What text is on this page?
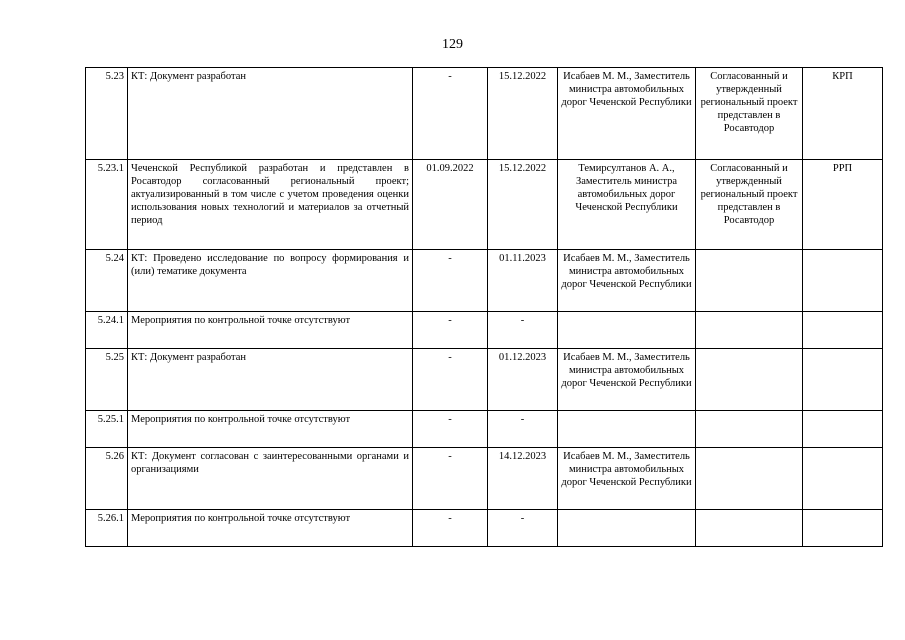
129
5.23	КТ: Документ разработан	-	15.12.2022	Исабаев М. М., Заместитель министра автомобильных дорог Чеченской Республики	Согласованный и утвержденный региональный проект представлен в Росавтодор	КРП
5.23.1	Чеченской Республикой разработан и представлен в Росавтодор согласованный региональный проект; актуализированный в том числе с учетом проведения оценки использования новых технологий и материалов за отчетный период	01.09.2022	15.12.2022	Темирсултанов А. А., Заместитель министра автомобильных дорог Чеченской Республики	Согласованный и утвержденный региональный проект представлен в Росавтодор	РРП
5.24	КТ: Проведено исследование по вопросу формирования и (или) тематике документа	-	01.11.2023	Исабаев М. М., Заместитель министра автомобильных дорог Чеченской Республики		
5.24.1	Мероприятия по контрольной точке отсутствуют	-	-			
5.25	КТ: Документ разработан	-	01.12.2023	Исабаев М. М., Заместитель министра автомобильных дорог Чеченской Республики		
5.25.1	Мероприятия по контрольной точке отсутствуют	-	-			
5.26	КТ: Документ согласован с заинтересованными органами и организациями	-	14.12.2023	Исабаев М. М., Заместитель министра автомобильных дорог Чеченской Республики		
5.26.1	Мероприятия по контрольной точке отсутствуют	-	-			
